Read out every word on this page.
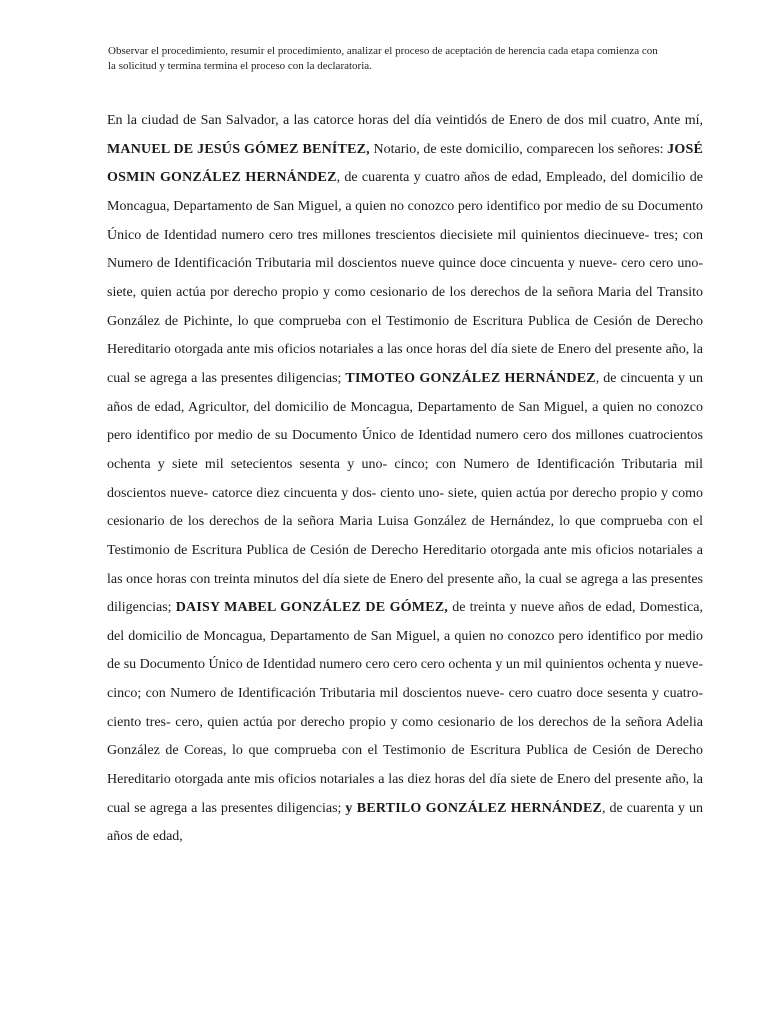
Observar el procedimiento, resumir el procedimiento, analizar el proceso de aceptación de herencia cada etapa comienza con la solicitud y termina termina el proceso con la declaratoria.

En la ciudad de San Salvador, a las catorce horas del día veintidós de Enero de dos mil cuatro, Ante mí, MANUEL DE JESÚS GÓMEZ BENÍTEZ, Notario, de este domicilio, comparecen los señores: JOSÉ OSMIN GONZÁLEZ HERNÁNDEZ, de cuarenta y cuatro años de edad, Empleado, del domicilio de Moncagua, Departamento de San Miguel, a quien no conozco pero identifico por medio de su Documento Único de Identidad numero cero tres millones trescientos diecisiete mil quinientos diecinueve- tres; con Numero de Identificación Tributaria mil doscientos nueve quince doce cincuenta y nueve- cero cero uno- siete, quien actúa por derecho propio y como cesionario de los derechos de la señora Maria del Transito González de Pichinte, lo que comprueba con el Testimonio de Escritura Publica de Cesión de Derecho Hereditario otorgada ante mis oficios notariales a las once horas del día siete de Enero del presente año, la cual se agrega a las presentes diligencias; TIMOTEO GONZÁLEZ HERNÁNDEZ, de cincuenta y un años de edad, Agricultor, del domicilio de Moncagua, Departamento de San Miguel, a quien no conozco pero identifico por medio de su Documento Único de Identidad numero cero dos millones cuatrocientos ochenta y siete mil setecientos sesenta y uno- cinco; con Numero de Identificación Tributaria mil doscientos nueve- catorce diez cincuenta y dos- ciento uno- siete, quien actúa por derecho propio y como cesionario de los derechos de la señora Maria Luisa González de Hernández, lo que comprueba con el Testimonio de Escritura Publica de Cesión de Derecho Hereditario otorgada ante mis oficios notariales a las once horas con treinta minutos del día siete de Enero del presente año, la cual se agrega a las presentes diligencias; DAISY MABEL GONZÁLEZ DE GÓMEZ, de treinta y nueve años de edad, Domestica, del domicilio de Moncagua, Departamento de San Miguel, a quien no conozco pero identifico por medio de su Documento Único de Identidad numero cero cero cero ochenta y un mil quinientos ochenta y nueve- cinco; con Numero de Identificación Tributaria mil doscientos nueve- cero cuatro doce sesenta y cuatro- ciento tres- cero, quien actúa por derecho propio y como cesionario de los derechos de la señora Adelia González de Coreas, lo que comprueba con el Testimonio de Escritura Publica de Cesión de Derecho Hereditario otorgada ante mis oficios notariales a las diez horas del día siete de Enero del presente año, la cual se agrega a las presentes diligencias; y BERTILO GONZÁLEZ HERNÁNDEZ, de cuarenta y un años de edad,
